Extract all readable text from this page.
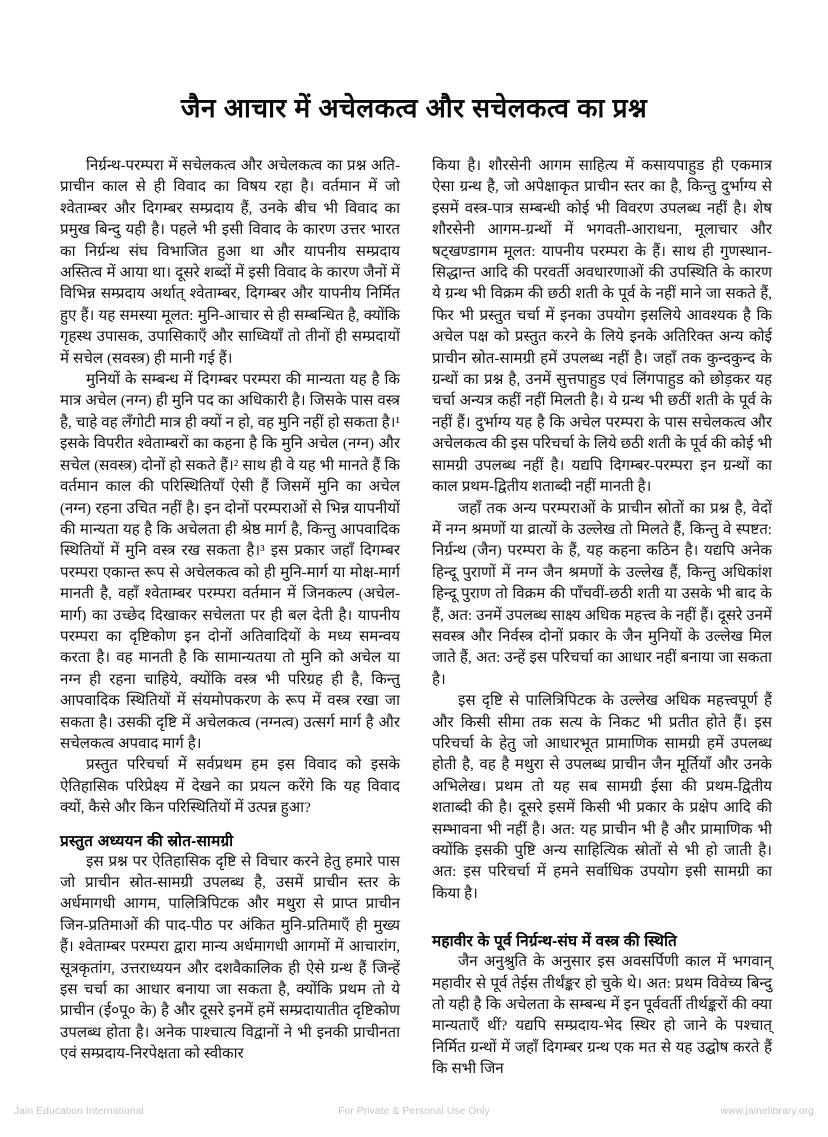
जैन आचार में अचेलकत्व और सचेलकत्व का प्रश्न

निर्ग्रन्थ-परम्परा में सचेलकत्व और अचेलकत्व का प्रश्न अति-प्राचीन काल से ही विवाद का विषय रहा है। वर्तमान में जो श्वेताम्बर और दिगम्बर सम्प्रदाय हैं, उनके बीच भी विवाद का प्रमुख बिन्दु यही है। पहले भी इसी विवाद के कारण उत्तर भारत का निर्ग्रन्थ संघ विभाजित हुआ था और यापनीय सम्प्रदाय अस्तित्व में आया था। दूसरे शब्दों में इसी विवाद के कारण जैनों में विभिन्न सम्प्रदाय अर्थात् श्वेताम्बर, दिगम्बर और यापनीय निर्मित हुए हैं। यह समस्या मूलत: मुनि-आचार से ही सम्बन्धित है, क्योंकि गृहस्थ उपासक, उपासिकाएँ और साध्वियाँ तो तीनों ही सम्प्रदायों में सचेल (सवस्त्र) ही मानी गई हैं।

मुनियों के सम्बन्ध में दिगम्बर परम्परा की मान्यता यह है कि मात्र अचेल (नग्न) ही मुनि पद का अधिकारी है। जिसके पास वस्त्र है, चाहे वह लँगोटी मात्र ही क्यों न हो, वह मुनि नहीं हो सकता है।¹ इसके विपरीत श्वेताम्बरों का कहना है कि मुनि अचेल (नग्न) और सचेल (सवस्त्र) दोनों हो सकते हैं।² साथ ही वे यह भी मानते हैं कि वर्तमान काल की परिस्थितियाँ ऐसी हैं जिसमें मुनि का अचेल (नग्न) रहना उचित नहीं है। इन दोनों परम्पराओं से भिन्न यापनीयों की मान्यता यह है कि अचेलता ही श्रेष्ठ मार्ग है, किन्तु आपवादिक स्थितियों में मुनि वस्त्र रख सकता है।³ इस प्रकार जहाँ दिगम्बर परम्परा एकान्त रूप से अचेलकत्व को ही मुनि-मार्ग या मोक्ष-मार्ग मानती है, वहाँ श्वेताम्बर परम्परा वर्तमान में जिनकल्प (अचेल-मार्ग) का उच्छेद दिखाकर सचेलता पर ही बल देती है। यापनीय परम्परा का दृष्टिकोण इन दोनों अतिवादियों के मध्य समन्वय करता है। वह मानती है कि सामान्यतया तो मुनि को अचेल या नग्न ही रहना चाहिये, क्योंकि वस्त्र भी परिग्रह ही है, किन्तु आपवादिक स्थितियों में संयमोपकरण के रूप में वस्त्र रखा जा सकता है। उसकी दृष्टि में अचेलकत्व (नग्नत्व) उत्सर्ग मार्ग है और सचेलकत्व अपवाद मार्ग है।

प्रस्तुत परिचर्चा में सर्वप्रथम हम इस विवाद को इसके ऐतिहासिक परिप्रेक्ष्य में देखने का प्रयत्न करेंगे कि यह विवाद क्यों, कैसे और किन परिस्थितियों में उत्पन्न हुआ?

प्रस्तुत अध्ययन की स्रोत-सामग्री

इस प्रश्न पर ऐतिहासिक दृष्टि से विचार करने हेतु हमारे पास जो प्राचीन स्रोत-सामग्री उपलब्ध है, उसमें प्राचीन स्तर के अर्धमागधी आगम, पालित्रिपिटक और मथुरा से प्राप्त प्राचीन जिन-प्रतिमाओं की पाद-पीठ पर अंकित मुनि-प्रतिमाएँ ही मुख्य हैं। श्वेताम्बर परम्परा द्वारा मान्य अर्धमागधी आगमों में आचारांग, सूत्रकृतांग, उत्तराध्ययन और दशवैकालिक ही ऐसे ग्रन्थ हैं जिन्हें इस चर्चा का आधार बनाया जा सकता है, क्योंकि प्रथम तो ये प्राचीन (ई०पू० के) है और दूसरे इनमें हमें सम्प्रदायातीत दृष्टिकोण उपलब्ध होता है। अनेक पाश्चात्य विद्वानों ने भी इनकी प्राचीनता एवं सम्प्रदाय-निरपेक्षता को स्वीकार

किया है। शौरसेनी आगम साहित्य में कसायपाहुड ही एकमात्र ऐसा ग्रन्थ है, जो अपेक्षाकृत प्राचीन स्तर का है, किन्तु दुर्भाग्य से इसमें वस्त्र-पात्र सम्बन्धी कोई भी विवरण उपलब्ध नहीं है। शेष शौरसेनी आगम-ग्रन्थों में भगवती-आराधना, मूलाचार और षट्खण्डागम मूलत: यापनीय परम्परा के हैं। साथ ही गुणस्थान-सिद्धान्त आदि की परवर्ती अवधारणाओं की उपस्थिति के कारण ये ग्रन्थ भी विक्रम की छठी शती के पूर्व के नहीं माने जा सकते हैं, फिर भी प्रस्तुत चर्चा में इनका उपयोग इसलिये आवश्यक है कि अचेल पक्ष को प्रस्तुत करने के लिये इनके अतिरिक्त अन्य कोई प्राचीन स्रोत-सामग्री हमें उपलब्ध नहीं है। जहाँ तक कुन्दकुन्द के ग्रन्थों का प्रश्न है, उनमें सुत्तपाहुड एवं लिंगपाहुड को छोड़कर यह चर्चा अन्यत्र कहीं नहीं मिलती है। ये ग्रन्थ भी छठीं शती के पूर्व के नहीं हैं। दुर्भाग्य यह है कि अचेल परम्परा के पास सचेलकत्व और अचेलकत्व की इस परिचर्चा के लिये छठी शती के पूर्व की कोई भी सामग्री उपलब्ध नहीं है। यद्यपि दिगम्बर-परम्परा इन ग्रन्थों का काल प्रथम-द्वितीय शताब्दी नहीं मानती है।

जहाँ तक अन्य परम्पराओं के प्राचीन स्रोतों का प्रश्न है, वेदों में नग्न श्रमणों या व्रात्यों के उल्लेख तो मिलते हैं, किन्तु वे स्पष्टत: निर्ग्रन्थ (जैन) परम्परा के हैं, यह कहना कठिन है। यद्यपि अनेक हिन्दू पुराणों में नग्न जैन श्रमणों के उल्लेख हैं, किन्तु अधिकांश हिन्दू पुराण तो विक्रम की पाँचवीं-छठी शती या उसके भी बाद के हैं, अत: उनमें उपलब्ध साक्ष्य अधिक महत्त्व के नहीं हैं। दूसरे उनमें सवस्त्र और निर्वस्त्र दोनों प्रकार के जैन मुनियों के उल्लेख मिल जाते हैं, अत: उन्हें इस परिचर्चा का आधार नहीं बनाया जा सकता है।

इस दृष्टि से पालित्रिपिटक के उल्लेख अधिक महत्त्वपूर्ण हैं और किसी सीमा तक सत्य के निकट भी प्रतीत होते हैं। इस परिचर्चा के हेतु जो आधारभूत प्रामाणिक सामग्री हमें उपलब्ध होती है, वह है मथुरा से उपलब्ध प्राचीन जैन मूर्तियाँ और उनके अभिलेख। प्रथम तो यह सब सामग्री ईसा की प्रथम-द्वितीय शताब्दी की है। दूसरे इसमें किसी भी प्रकार के प्रक्षेप आदि की सम्भावना भी नहीं है। अत: यह प्राचीन भी है और प्रामाणिक भी क्योंकि इसकी पुष्टि अन्य साहित्यिक स्रोतों से भी हो जाती है। अत: इस परिचर्चा में हमने सर्वाधिक उपयोग इसी सामग्री का किया है।

महावीर के पूर्व निर्ग्रन्थ-संघ में वस्त्र की स्थिति

जैन अनुश्रुति के अनुसार इस अवसर्पिणी काल में भगवान् महावीर से पूर्व तेईस तीर्थंङ्कर हो चुके थे। अत: प्रथम विवेच्य बिन्दु तो यही है कि अचेलता के सम्बन्ध में इन पूर्ववर्ती तीर्थङ्करों की क्या मान्यताएँ थीं? यद्यपि सम्प्रदाय-भेद स्थिर हो जाने के पश्चात् निर्मित ग्रन्थों में जहाँ दिगम्बर ग्रन्थ एक मत से यह उद्घोष करते हैं कि सभी जिन

Jain Education International	For Private & Personal Use Only	www.jainelibrary.org
